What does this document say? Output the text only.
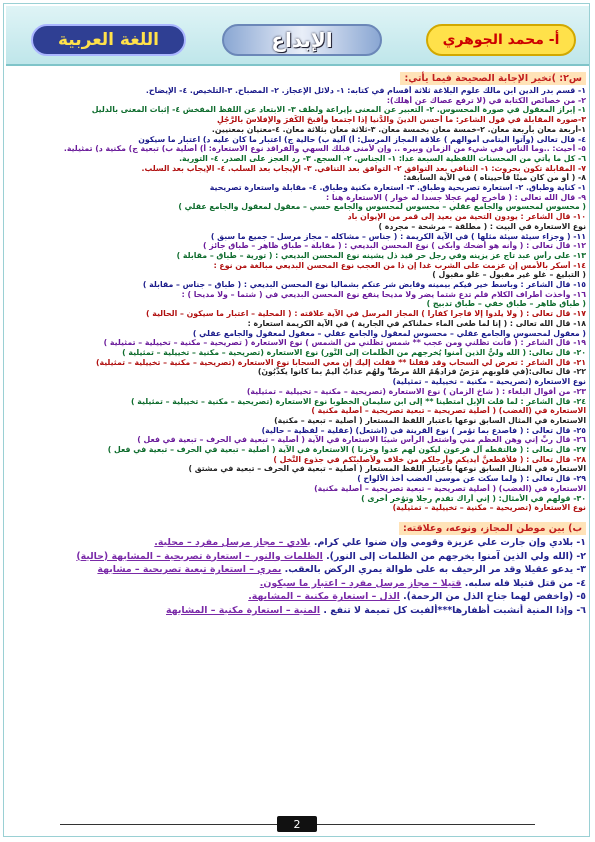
اللغة العربية	الإبداع	أ- محمد الجوهري
س٢: )تخير الإجابة الصحيحة فيما يأتي:
١- قسم بدر الدين ابن مالك علوم البلاغة ثلاثة أقسام في كتابه: ١- دلائل الإعجاز. ٢- المصباح. ٣-التلخيص. ٤- الإيضاح.
٢- من خصائص الكتابة في (لا ترفع عصاك عن أهلك):
١- إبراز المعقول في صورة المحسوس. ٢- التعبير عن المعنى بإيراعة ولطف ٣- الابتعاد عن اللفظ المفخش ٤- إثبات المعنى بالدليل
٣-صورة المقابلة في قول الشاعر: ما أحسن الدينَ والدُّنيا إذا اجتمعا وأقبحَ الكُفرَ والإفلاسَ بالرَّجُلِ
١-أربعة معان بأربعة معان. ٢-خمسة معان بخمسة معان. ٣-ثلاثة معان بثلاثة معان. ٤-معنيان بمعنيين.
٤- قال تعالى (وآتوا اليتامى أموالهم ) علاقة المجاز المرسل: أ) آلية ب) حالية ج) اعتبار ما كان عليه د) اعتبار ما سيكون
٥- أحيث: ..وما الناس في شيء من الزمان وبيره .. وإن لأمنى قبلك السهي والفراقد نوع الاستعارة: أ) أصلية ب) تبعية ج) مكنية د) تمثيلية.
٦- كل ما يأتي من المحسنات اللفظية السبعة عدا: ١- الجناس. ٢- السجع. ٣- رد العجز على الصدر. ٤- التورية.
٧- المقابلة تكون بحروث: ١- التنافي بعد التوافق ٢- التوافق بعد التنافي. ٣- الإيجاب بعد السلب. ٤- الإيجاب بعد السلب.
٨- ( أو من كان ميتًا فأحييناه ) في الآية السابقة:
١- كناية وطباق. ٢- استعارة تصريحية وطباق. ٣- استعارة مكنية وطباق. ٤- مقابلة واستعارة تصريحية
٩- قال الله تعالى : ( فأخرج لهم عجلا جسدا له خوار ) الاستعارة هنا :
( محسوس لمحسوس والجامع عقلي – محسوس لمحسوس والجامع حسي – معقول لمعقول والجامع عقلي )
١٠- قال الشاعر : يودون التحية من بعيد إلى قمر من الإيوان باد
نوع الاستعارة في البيت : ( مطلقة – مرشحة – مجردة )
١١- ( وجزاء سيئة سيئة مثلها ) في الآية الكريمة : ( جناس – مشاكله – مجاز مرسل – جميع ما سبق )
١٢- قال تعالى : ( وأنه هو أضحك وأبكى ) نوع المحسن البديعي : ( مقابلة – طباق ظاهر – طباق جائز )
١٣- على رأس عبد تاج عز يزينه وفي رجل حر قيد ذل يشينه نوع المحسن البديعي : ( تورية – طباق – مقابلة )
١٤- أسكر بالأمس إن عزمت على الشرب غدا إن ذا من العجب نوع المحسن البديعي مبالغة من نوع :
( التبليغ – غلو غير مقبول – غلو مقبول )
١٥- قال الشاعر : وباسط خير فيكم بيمينه وقابض شر عنكم بشماليا نوع المحسن البديعي : ( طباق – جناس – مقابلة )
١٦- وأخذت أطراف الكلام فلم تدع شتما يضر ولا مديحا ينفع نوع المحسن البديعي في ( شتما – ولا مديحا ) :
( طباق ظاهر – طباق خفي – طباق تدبيج )
١٧- قال تعالى : ( ولا يلدوا إلا فاجرا كفارا ) المجاز المرسل في الآية علاقته : ( المحلية – اعتبار ما سيكون – الحالية )
١٨- قال الله تعالى : ( إنا لما طغى الماء حملناكم في الجارية ) في الآية الكريمة استعارة :
( معقول لمحسوس والجامع عقلي – محسوس لمعقول والجامع عقلي – معقول لمعقول والجامع عقلي )
١٩- قال الشاعر : ( فأنت تظلني ومن عجب ** شمس تظلني من الشمس ) نوع الاستعارة ( تصريحية – مكنية – تخييلية – تمثيلية )
٢٠- قال تعالى: ( الله وليُّ الذين آمنوا يُخرجهم من الظُّلمات إلى النُّور) نوع الاستعارة (تصريحية – مكنية – تخييلية – تمثيلية )
٢١- قال الشاعر : تعرض لي السحاب وقد قفلنا ** فقلت إليك إن معي السحابا نوع الاستعارة (تصريحية – مكنية – تخييلية – تمثيلية)
٢٢- قال تعالى:(في قلوبهم مَرَضٌ فزادهُمُ اللهُ مرضًا ۖ ولهُم عذابٌ أليمٌ بما كانوا يكذّبُونَ)
نوع الاستعارة (تصريحية – مكنية – تخييلية – تمثيلية)
٢٣- من أقوال البلغاء : ( شاخ الزمان ) نوع الاستعارة (تصريحية – مكنية – تخييلية – تمثيلية)
٢٤- قال الشاعر : لما قلت الإبل امتطينا ** إلى ابن سليمان الخطوبا نوع الاستعارة (تصريحية – مكنية – تخييلية – تمثيلية )
الاستعارة في (الغضب) ( أصلية تصريحية – تبعية تصريحية – أصلية مكنية )
الاستعارة في المثال السابق نوعها باعتبار اللفظ المستعار ( أصلية – تبعية – مكنية)
٢٥- قال تعالى : ( فاصدع بما تؤمر ) نوع القرينة في (اشتعل) (عقلية – لفظية – حالية)
٢٦- قال ربِّ إني وهن العظم مني واشتعل الرأس شيبًا الاستعارة في الآية ( أصلية – تبعية في الحرف – تبعية في فعل )
٢٧- قال تعالى : ( فالتقطه آل فرعون ليكون لهم عدوا وحزنا ) الاستعارة في الآية ( أصلية – تبعية في الحرف – تبعية في فعل )
٢٨- قال تعالى : ( فلأقطعنَّ أيديكم وأرجلكم من خلاف ولأصلبنّكم في جذوع النَّخل )
الاستعارة في المثال السابق نوعها باعتبار اللفظ المستعار ( أصلية – تبعية في الحرف – تبعية في مشتق )
٢٩- قال تعالى : ( ولما سكت عن موسى الغضب أخذ الألواح )
الاستعارة في (الغضب) ( أصلية تصريحية – تبعية تصريحية – أصلية مكنية)
٣٠- قولهم في الأمثال: ( إني أراك تقدم رجلا وتؤخر أخرى )
نوع الاستعارة (تصريحية – مكنية – تخييلية – تمثيلية)
ب) بين موطن المجاز، ونوعه، وعلاقته:
١- بلادي وإن جارت علي عزيزة وقومي وإن ضنوا علي كرام. بلادي – مجاز مرسل مفرد – محلية.
٢- (الله ولي الذين آمنوا يخرجهم من الظلمات إلى النور). الظلمات والنور – استعارة تصريحية – المشابهة (حالية)
٣- يدعو عقيلا وقد مر الرحيف به على طوالة يمري الركض بالعقب. يمري – استعارة تبعية تصريحية – مشابهة
٤- من قتل قتيلا فله سلبه. قتيلا – مجاز مرسل مفرد – اعتبار ما سيكون.
٥- (واخفض لهما جناح الذل من الرحمة). الذل – استعارة مكنية – المشابهة.
٦- وإذا المنية أنشبت أظفارها***ألفيت كل تميمة لا تنفع . المنية – استعارة مكنية – المشابهة
2
